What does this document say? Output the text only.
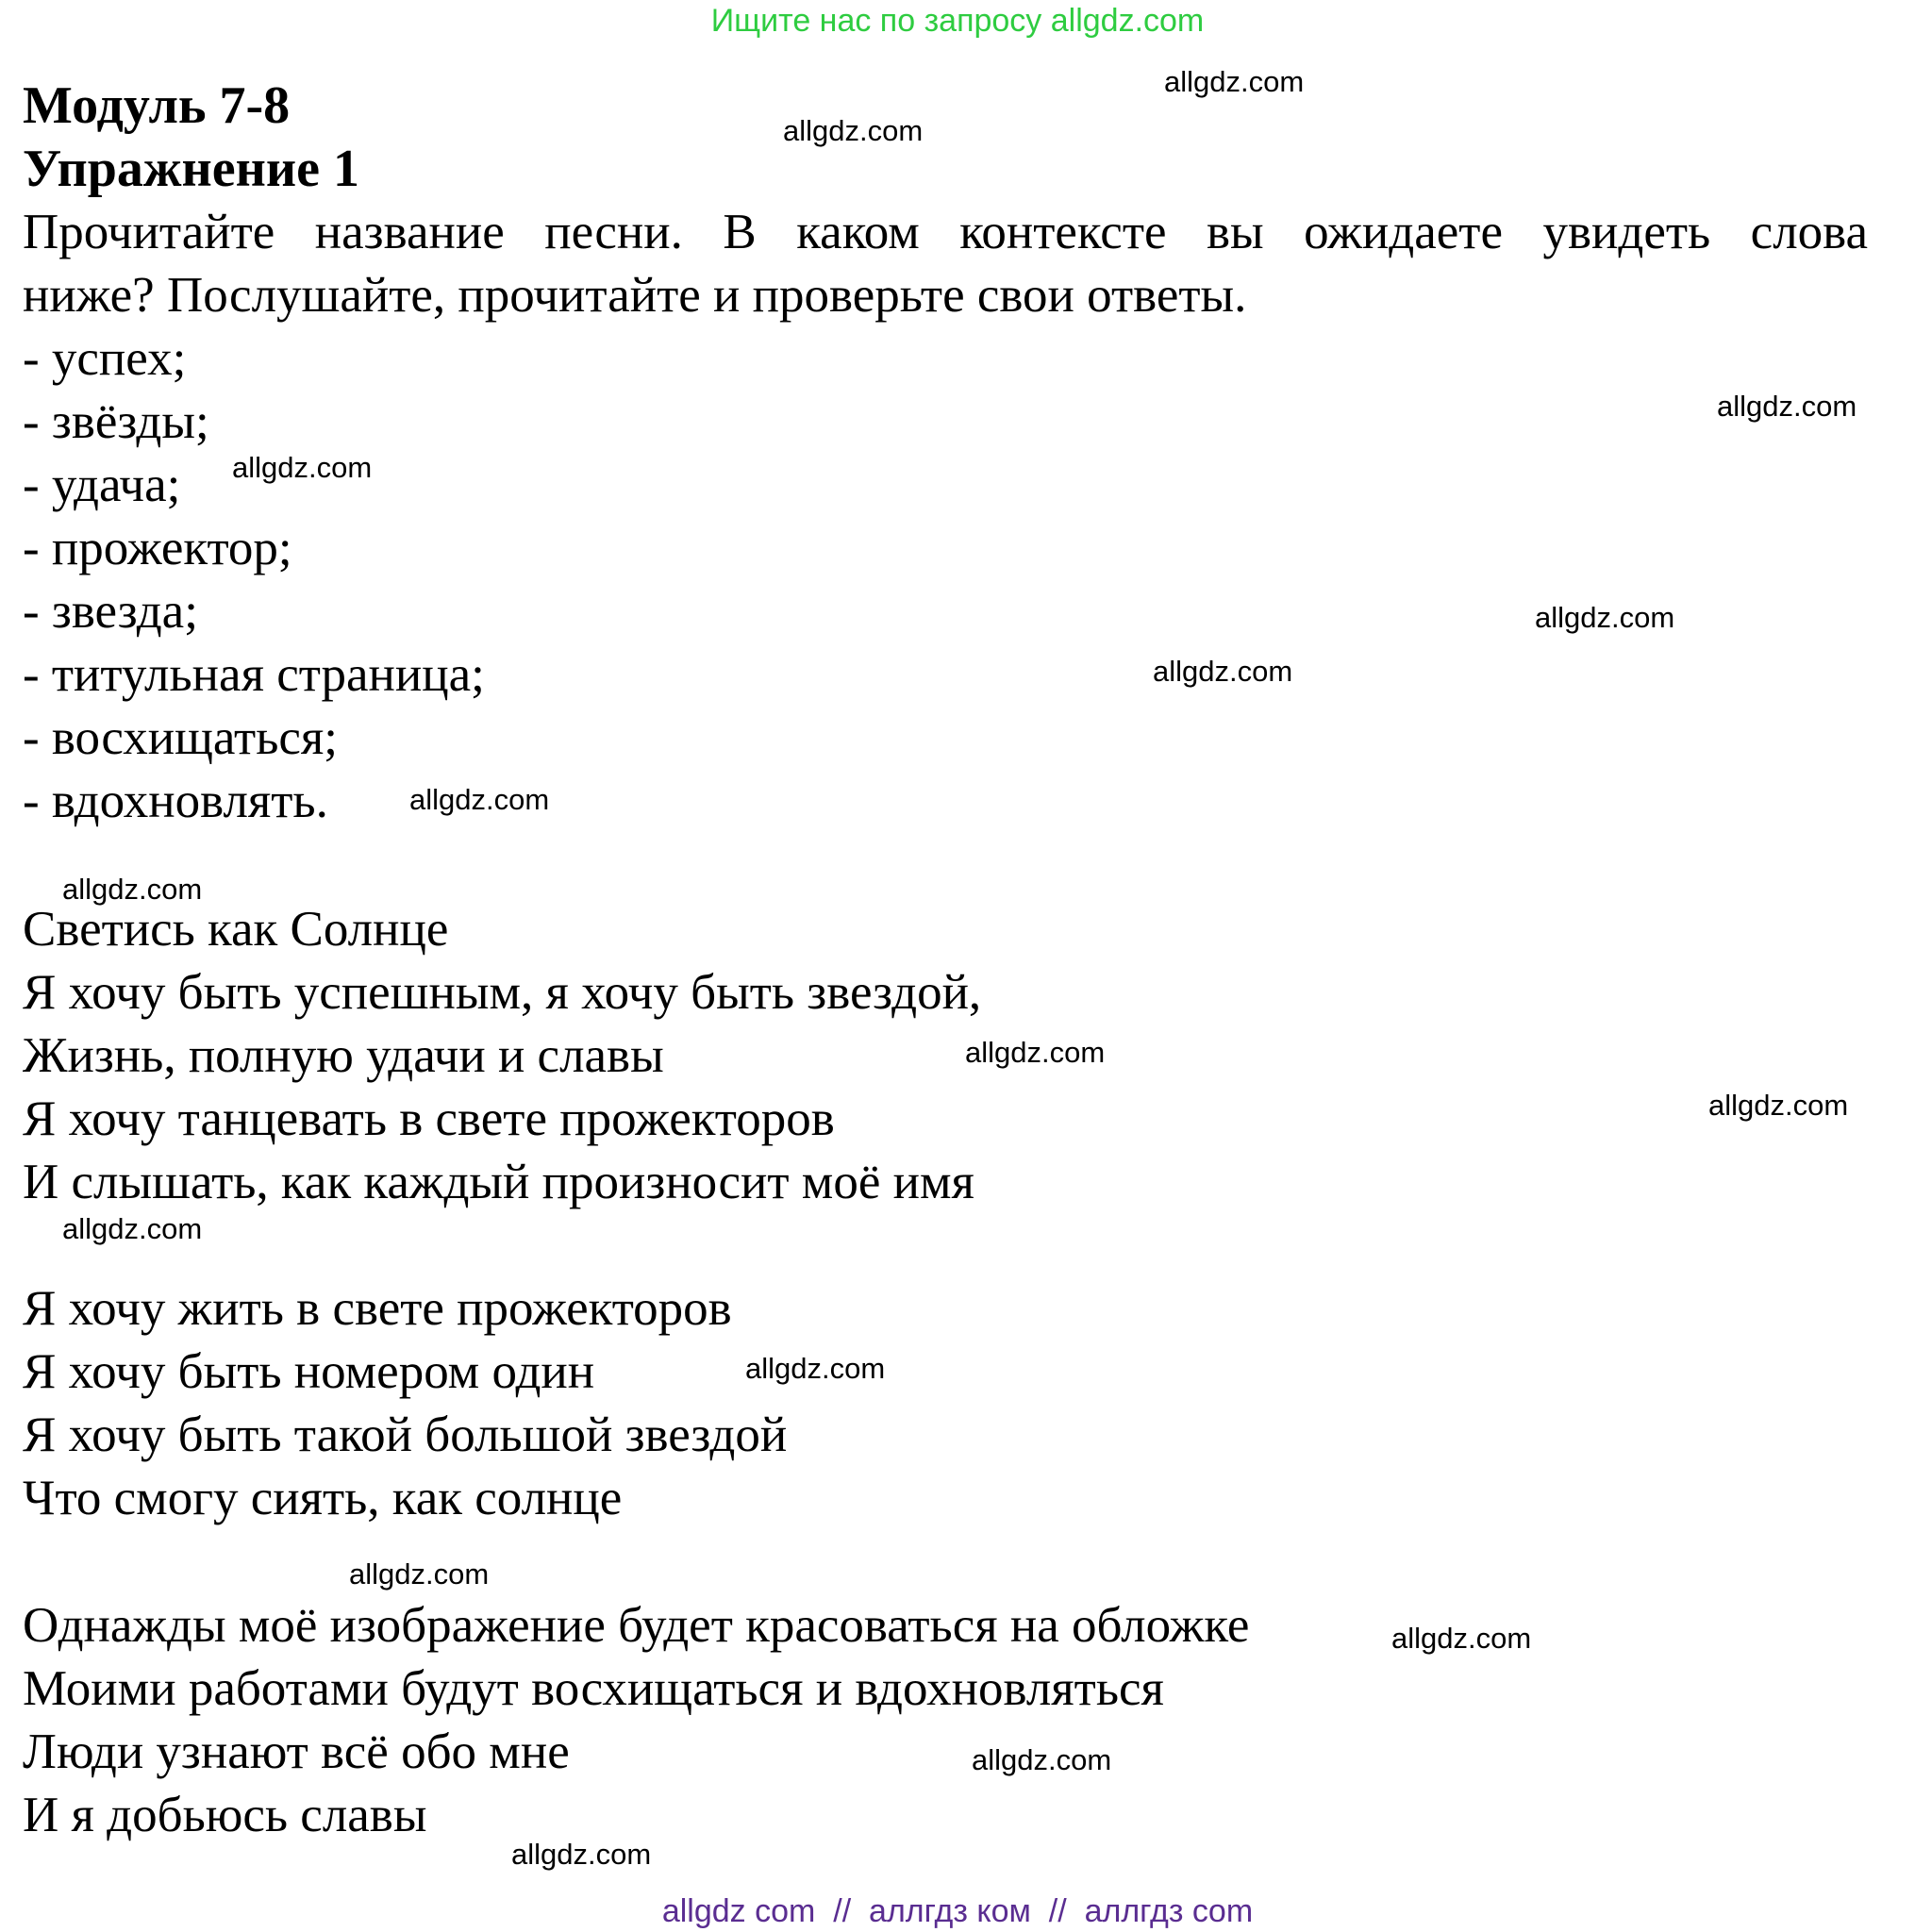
Ищите нас по запросу allgdz.com
Модуль 7-8
Упражнение 1
Прочитайте название песни. В каком контексте вы ожидаете увидеть слова
ниже? Послушайте, прочитайте и проверьте свои ответы.
- успех;
- звёзды;
- удача;
- прожектор;
- звезда;
- титульная страница;
- восхищаться;
- вдохновлять.
Светись как Солнце
Я хочу быть успешным, я хочу быть звездой,
Жизнь, полную удачи и славы
Я хочу танцевать в свете прожекторов
И слышать, как каждый произносит моё имя
Я хочу жить в свете прожекторов
Я хочу быть номером один
Я хочу быть такой большой звездой
Что смогу сиять, как солнце
Однажды моё изображение будет красоваться на обложке
Моими работами будут восхищаться и вдохновляться
Люди узнают всё обо мне
И я добьюсь славы
allgdz.com
allgdz.com
allgdz.com
allgdz.com
allgdz.com
allgdz.com
allgdz.com
allgdz.com
allgdz.com
allgdz.com
allgdz.com
allgdz.com
allgdz.com
allgdz.com
allgdz.com
allgdz.com
allgdz com  //  аллгдз ком  //  аллгдз com
